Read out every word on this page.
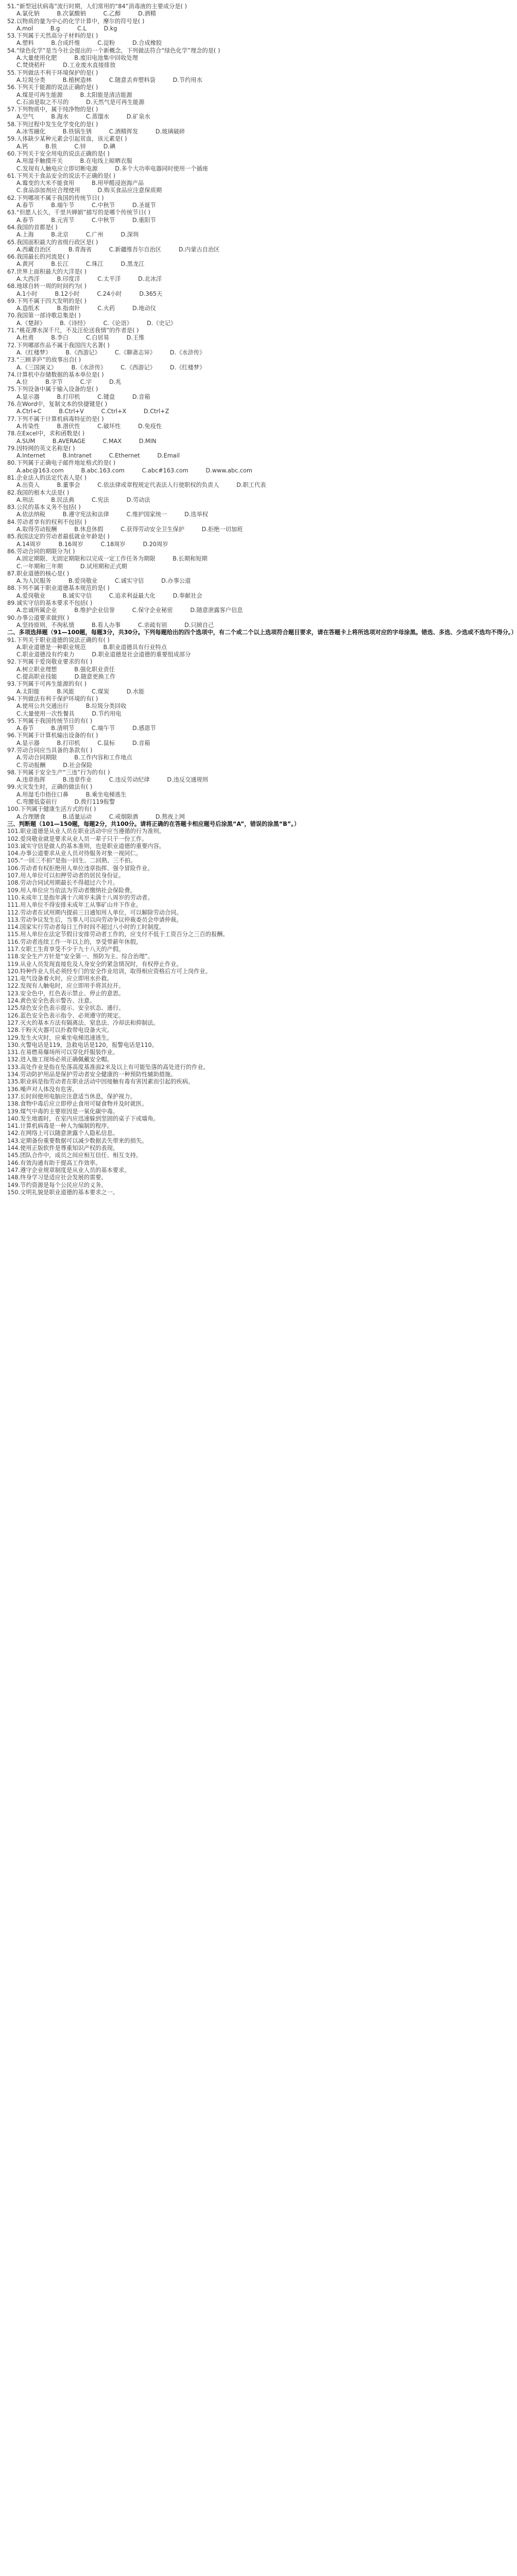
51.“新型冠状病毒”流行时期，人们常用的“84”消毒液的主要成分是( )
A.氯化钠　　　B.次氯酸钠　　　C.乙醇　　　D.酒精
52.以物质的量为中心的化学计算中，摩尔的符号是( )
A.mol　　　B.g　　　C.L　　　D.kg
53.下列属于天然高分子材料的是( )
A.塑料　　　B.合成纤维　　　C.淀粉　　　D.合成橡胶
54.“绿色化学”是当今社会提出的一个新概念，下列做法符合“绿色化学”理念的是( )
A.大量使用化肥　　　B.废旧电池集中回收处理
C.焚烧秸秆　　　D.工业废水直接排放
55.下列做法不利于环境保护的是( )
A.垃圾分类　　　B.植树造林　　　C.随意丢弃塑料袋　　　D.节约用水
56.下列关于能源的说法正确的是( )
A.煤是可再生能源　　　B.太阳能是清洁能源
C.石油是取之不尽的　　　D.天然气是可再生能源
57.下列物质中，属于纯净物的是( )
A.空气　　　B.海水　　　C.蒸馏水　　　D.矿泉水
58.下列过程中发生化学变化的是( )
A.冰雪融化　　　B.铁锅生锈　　　C.酒精挥发　　　D.玻璃破碎
59.人体缺少某种元素会引起贫血，该元素是( )
A.钙　　　B.铁　　　C.锌　　　D.碘
60.下列关于安全用电的说法正确的是( )
A.用湿手触摸开关　　　B.在电线上晾晒衣服
C.发现有人触电应立即切断电源　　　D.多个大功率电器同时使用一个插座
61.下列关于食品安全的说法不正确的是( )
A.霉变的大米不能食用　　　B.用甲醛浸泡海产品
C.食品添加剂应合理使用　　　D.购买食品应注意保质期
62.下列哪项不属于我国的传统节日( )
A.春节　　　B.端午节　　　C.中秋节　　　D.圣诞节
63.“但愿人长久，千里共婵娟”描写的是哪个传统节日( )
A.春节　　　B.元宵节　　　C.中秋节　　　D.重阳节
64.我国的首都是( )
A.上海　　　B.北京　　　C.广州　　　D.深圳
65.我国面积最大的省级行政区是( )
A.西藏自治区　　　B.青海省　　　C.新疆维吾尔自治区　　　D.内蒙古自治区
66.我国最长的河流是( )
A.黄河　　　B.长江　　　C.珠江　　　D.黑龙江
67.世界上面积最大的大洋是( )
A.大西洋　　　B.印度洋　　　C.太平洋　　　D.北冰洋
68.地球自转一周的时间约为( )
A.1小时　　　B.12小时　　　C.24小时　　　D.365天
69.下列不属于四大发明的是( )
A.造纸术　　　B.指南针　　　C.火药　　　D.地动仪
70.我国第一部诗歌总集是( )
A.《楚辞》　　　B.《诗经》　　　C.《论语》　　　D.《史记》
71.“桃花潭水深千尺，不及汪伦送我情”的作者是( )
A.杜甫　　　B.李白　　　C.白居易　　　D.王维
72.下列哪部作品不属于我国四大名著( )
A.《红楼梦》　　　B.《西游记》　　　C.《聊斋志异》　　　D.《水浒传》
73.“三顾茅庐”的故事出自( )
A.《三国演义》　　　B.《水浒传》　　　C.《西游记》　　　D.《红楼梦》
74.计算机中存储数据的基本单位是( )
A.位　　　B.字节　　　C.字　　　D.兆
75.下列设备中属于输入设备的是( )
A.显示器　　　B.打印机　　　C.键盘　　　D.音箱
76.在Word中，复制文本的快捷键是( )
A.Ctrl+C　　　B.Ctrl+V　　　C.Ctrl+X　　　D.Ctrl+Z
77.下列不属于计算机病毒特征的是( )
A.传染性　　　B.潜伏性　　　C.破坏性　　　D.免疫性
78.在Excel中，求和函数是( )
A.SUM　　　B.AVERAGE　　　C.MAX　　　D.MIN
79.因特网的英文名称是( )
A.Internet　　　B.Intranet　　　C.Ethernet　　　D.Email
80.下列属于正确电子邮件地址格式的是( )
A.abc@163.com　　　B.abc.163.com　　　C.abc#163.com　　　D.www.abc.com
81.企业法人的法定代表人是( )
A.出资人　　　B.董事会　　　C.依法律或章程规定代表法人行使职权的负责人　　　D.职工代表
82.我国的根本大法是( )
A.刑法　　　B.民法典　　　C.宪法　　　D.劳动法
83.公民的基本义务不包括( )
A.依法纳税　　　B.遵守宪法和法律　　　C.维护国家统一　　　D.选举权
84.劳动者享有的权利不包括( )
A.取得劳动报酬　　　B.休息休假　　　C.获得劳动安全卫生保护　　　D.拒绝一切加班
85.我国法定的劳动者最低就业年龄是( )
A.14周岁　　　B.16周岁　　　C.18周岁　　　D.20周岁
86.劳动合同的期限分为( )
A.固定期限、无固定期限和以完成一定工作任务为期限　　　B.长期和短期
C.一年期和三年期　　　D.试用期和正式期
87.职业道德的核心是( )
A.为人民服务　　　B.爱岗敬业　　　C.诚实守信　　　D.办事公道
88.下列不属于职业道德基本规范的是( )
A.爱岗敬业　　　B.诚实守信　　　C.追求利益最大化　　　D.奉献社会
89.诚实守信的基本要求不包括( )
A.忠诚所属企业　　　B.维护企业信誉　　　C.保守企业秘密　　　D.随意泄露客户信息
90.办事公道要求做到( )
A.坚持原则，不徇私情　　　B.看人办事　　　C.亲疏有别　　　D.只顾自己
二、多项选择题（91—100题，每题3分，共30分。下列每题给出的四个选项中，有二个或二个以上选项符合题目要求，请在答题卡上将所选项对应的字母涂黑。错选、多选、少选或不选均不得分。）
91.下列关于职业道德的说法正确的有( )
A.职业道德是一种职业规范　　　B.职业道德具有行业特点
C.职业道德没有约束力　　　D.职业道德是社会道德的重要组成部分
92.下列属于爱岗敬业要求的有( )
A.树立职业理想　　　B.强化职业责任
C.提高职业技能　　　D.随意更换工作
93.下列属于可再生能源的有( )
A.太阳能　　　B.风能　　　C.煤炭　　　D.水能
94.下列做法有利于保护环境的有( )
A.使用公共交通出行　　　B.垃圾分类回收
C.大量使用一次性餐具　　　D.节约用电
95.下列属于我国传统节日的有( )
A.春节　　　B.清明节　　　C.端午节　　　D.感恩节
96.下列属于计算机输出设备的有( )
A.显示器　　　B.打印机　　　C.鼠标　　　D.音箱
97.劳动合同应当具备的条款有( )
A.劳动合同期限　　　B.工作内容和工作地点
C.劳动报酬　　　D.社会保险
98.下列属于安全生产“三违”行为的有( )
A.违章指挥　　　B.违章作业　　　C.违反劳动纪律　　　D.违反交通规则
99.火灾发生时，正确的做法有( )
A.用湿毛巾捂住口鼻　　　B.乘坐电梯逃生
C.弯腰低姿前行　　　D.拨打119报警
100.下列属于健康生活方式的有( )
A.合理膳食　　　B.适量运动　　　C.戒烟限酒　　　D.熬夜上网
三、判断题（101—150题，每题2分，共100分。请将正确的在答题卡相应题号后涂黑“A”，错误的涂黑“B”。）
101.职业道德是从业人员在职业活动中应当遵循的行为准则。
102.爱岗敬业就是要求从业人员一辈子只干一份工作。
103.诚实守信是做人的基本准则，也是职业道德的重要内容。
104.办事公道要求从业人员对待服务对象一视同仁。
105.“一回三不拍”是指一回生、二回熟、三不拍。
106.劳动者有权拒绝用人单位违章指挥、强令冒险作业。
107.用人单位可以扣押劳动者的居民身份证。
108.劳动合同试用期最长不得超过六个月。
109.用人单位应当依法为劳动者缴纳社会保险费。
110.未成年工是指年满十六周岁未满十八周岁的劳动者。
111.用人单位不得安排未成年工从事矿山井下作业。
112.劳动者在试用期内提前三日通知用人单位，可以解除劳动合同。
113.劳动争议发生后，当事人可以向劳动争议仲裁委员会申请仲裁。
114.国家实行劳动者每日工作时间不超过八小时的工时制度。
115.用人单位在法定节假日安排劳动者工作的，应支付不低于工资百分之三百的报酬。
116.劳动者连续工作一年以上的，享受带薪年休假。
117.女职工生育享受不少于九十八天的产假。
118.安全生产方针是“安全第一、预防为主、综合治理”。
119.从业人员发现直接危及人身安全的紧急情况时，有权停止作业。
120.特种作业人员必须经专门的安全作业培训，取得相应资格后方可上岗作业。
121.电气设备着火时，应立即用水扑救。
122.发现有人触电时，应立即用手将其拉开。
123.安全色中，红色表示禁止、停止的意思。
124.黄色安全色表示警告、注意。
125.绿色安全色表示提示、安全状态、通行。
126.蓝色安全色表示指令、必须遵守的规定。
127.灭火的基本方法有隔离法、窒息法、冷却法和抑制法。
128.干粉灭火器可以扑救带电设备火灾。
129.发生火灾时，应乘坐电梯迅速逃生。
130.火警电话是119，急救电话是120，报警电话是110。
131.在易燃易爆场所可以穿化纤服装作业。
132.进入施工现场必须正确佩戴安全帽。
133.高处作业是指在坠落高度基准面2米及以上有可能坠落的高处进行的作业。
134.劳动防护用品是保护劳动者安全健康的一种预防性辅助措施。
135.职业病是指劳动者在职业活动中因接触有毒有害因素而引起的疾病。
136.噪声对人体没有危害。
137.长时间使用电脑应注意适当休息，保护视力。
138.食物中毒后应立即停止食用可疑食物并及时就医。
139.煤气中毒的主要原因是一氧化碳中毒。
140.发生地震时，在室内应迅速躲到坚固的桌子下或墙角。
141.计算机病毒是一种人为编制的程序。
142.在网络上可以随意泄露个人隐私信息。
143.定期备份重要数据可以减少数据丢失带来的损失。
144.使用正版软件是尊重知识产权的表现。
145.团队合作中，成员之间应相互信任、相互支持。
146.有效沟通有助于提高工作效率。
147.遵守企业规章制度是从业人员的基本要求。
148.终身学习是适应社会发展的需要。
149.节约资源是每个公民应尽的义务。
150.文明礼貌是职业道德的基本要求之一。
